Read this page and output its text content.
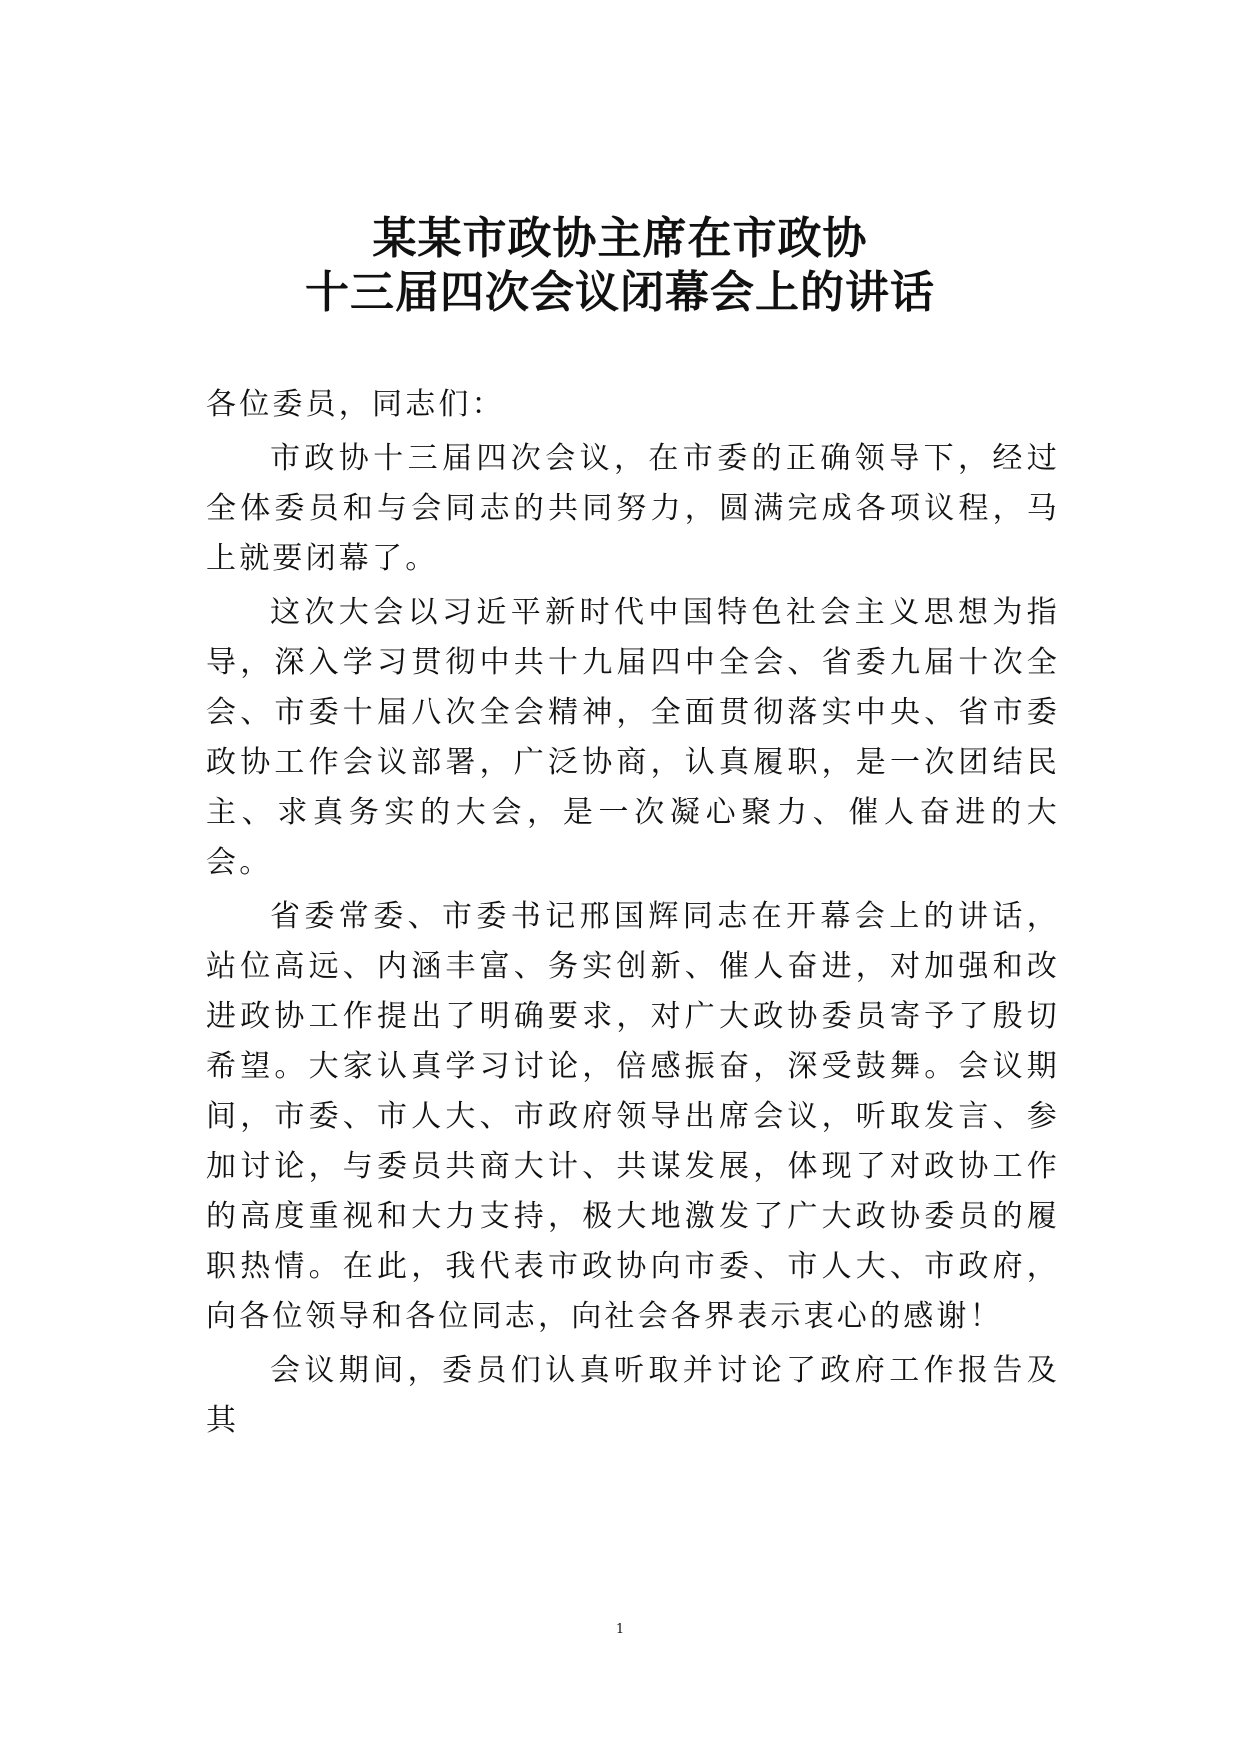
某某市政协主席在市政协
十三届四次会议闭幕会上的讲话

各位委员，同志们：

市政协十三届四次会议，在市委的正确领导下，经过全体委员和与会同志的共同努力，圆满完成各项议程，马上就要闭幕了。

这次大会以习近平新时代中国特色社会主义思想为指导，深入学习贯彻中共十九届四中全会、省委九届十次全会、市委十届八次全会精神，全面贯彻落实中央、省市委政协工作会议部署，广泛协商，认真履职，是一次团结民主、求真务实的大会，是一次凝心聚力、催人奋进的大会。

省委常委、市委书记邢国辉同志在开幕会上的讲话，站位高远、内涵丰富、务实创新、催人奋进，对加强和改进政协工作提出了明确要求，对广大政协委员寄予了殷切希望。大家认真学习讨论，倍感振奋，深受鼓舞。会议期间，市委、市人大、市政府领导出席会议，听取发言、参加讨论，与委员共商大计、共谋发展，体现了对政协工作的高度重视和大力支持，极大地激发了广大政协委员的履职热情。在此，我代表市政协向市委、市人大、市政府，向各位领导和各位同志，向社会各界表示衷心的感谢！

会议期间，委员们认真听取并讨论了政府工作报告及其

1
